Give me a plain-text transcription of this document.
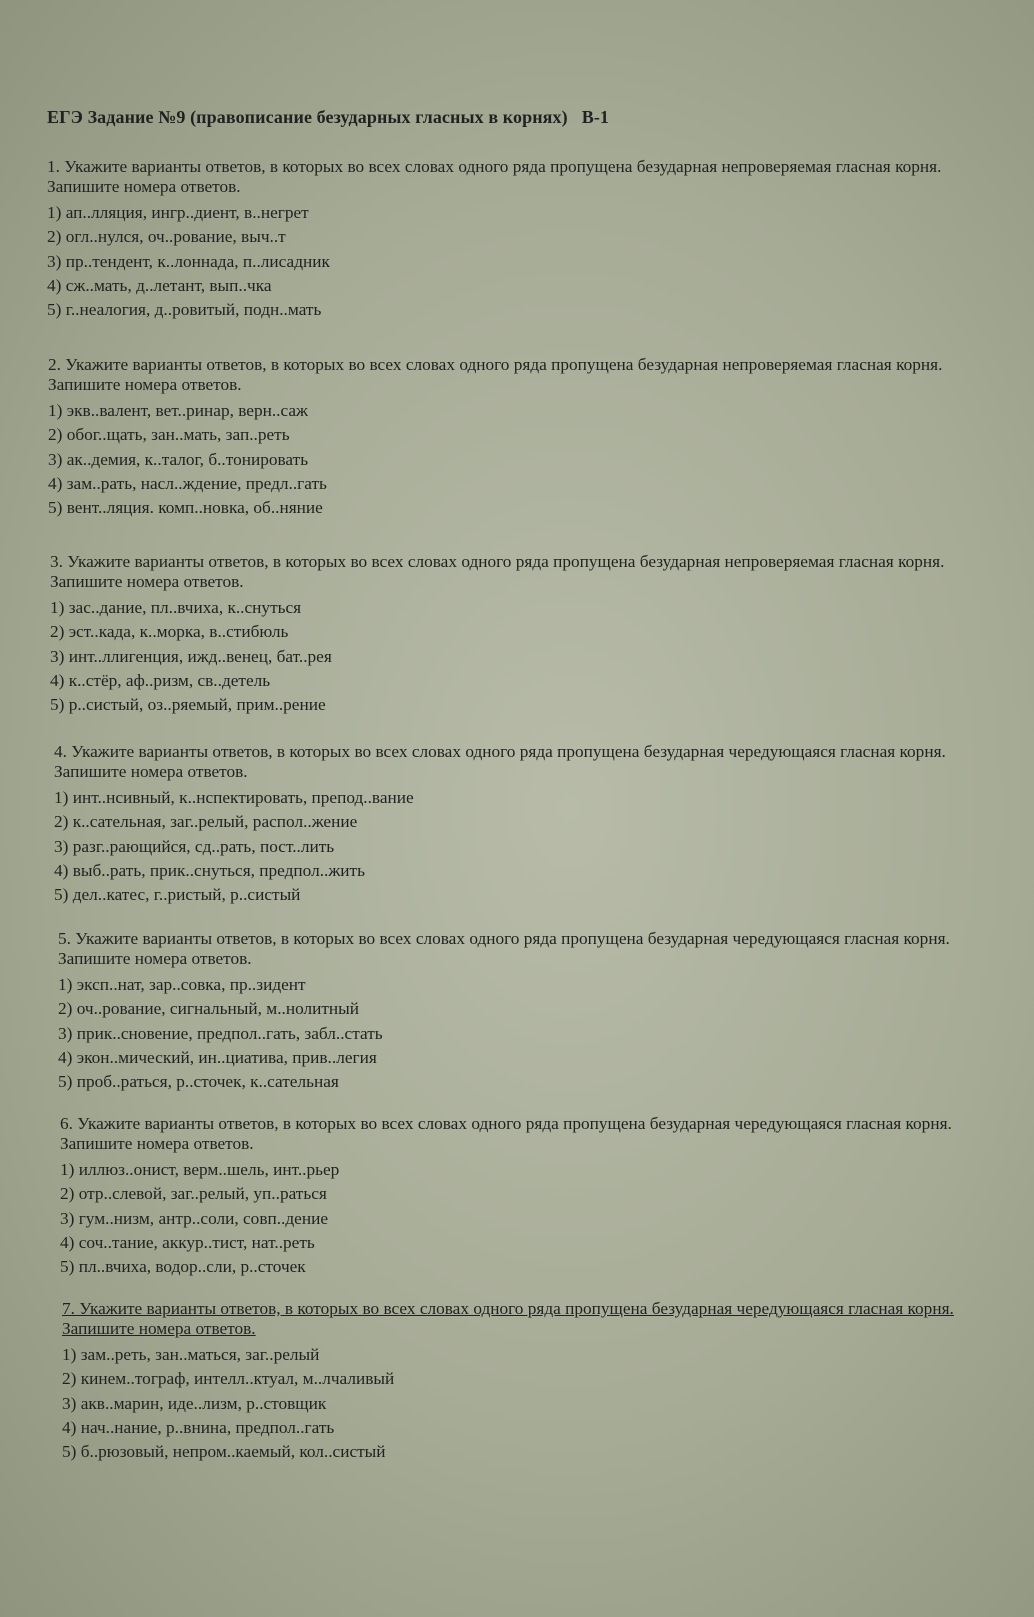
ЕГЭ Задание №9 (правописание безударных гласных в корнях) В-1

1. Укажите варианты ответов, в которых во всех словах одного ряда пропущена безударная непроверяемая гласная корня. Запишите номера ответов.

1) ап..лляция, ингр..диент, в..негрет
2) огл..нулся, оч..рование, выч..т
3) пр..тендент, к..лоннада, п..лисадник
4) сж..мать, д..летант, вып..чка
5) г..неалогия, д..ровитый, подн..мать

2. Укажите варианты ответов, в которых во всех словах одного ряда пропущена безударная непроверяемая гласная корня. Запишите номера ответов.

1) экв..валент, вет..ринар, верн..саж
2) обог..щать, зан..мать, зап..реть
3) ак..демия, к..талог, б..тонировать
4) зам..рать, насл..ждение, предл..гать
5) вент..ляция. комп..новка, об..няние

3. Укажите варианты ответов, в которых во всех словах одного ряда пропущена безударная непроверяемая гласная корня. Запишите номера ответов.

1) зас..дание, пл..вчиха, к..снуться
2) эст..када, к..морка, в..стибюль
3) инт..ллигенция, ижд..венец, бат..рея
4) к..стёр, аф..ризм, св..детель
5) р..систый, оз..ряемый, прим..рение

4. Укажите варианты ответов, в которых во всех словах одного ряда пропущена безударная чередующаяся гласная корня. Запишите номера ответов.

1) инт..нсивный, к..нспектировать, препод..вание
2) к..сательная, заг..релый, распол..жение
3) разг..рающийся, сд..рать, пост..лить
4) выб..рать, прик..снуться, предпол..жить
5) дел..катес, г..ристый, р..систый

5. Укажите варианты ответов, в которых во всех словах одного ряда пропущена безударная чередующаяся гласная корня. Запишите номера ответов.

1) эксп..нат, зар..совка, пр..зидент
2) оч..рование, сигнальный, м..нолитный
3) прик..сновение, предпол..гать, забл..стать
4) экон..мический, ин..циатива, прив..легия
5) проб..раться, р..сточек, к..сательная

6. Укажите варианты ответов, в которых во всех словах одного ряда пропущена безударная чередующаяся гласная корня. Запишите номера ответов.

1) иллюз..онист, верм..шель, инт..рьер
2) отр..слевой, заг..релый, уп..раться
3) гум..низм, антр..соли, совп..дение
4) соч..тание, аккур..тист, нат..реть
5) пл..вчиха, водор..сли, р..сточек

7. Укажите варианты ответов, в которых во всех словах одного ряда пропущена безударная чередующаяся гласная корня. Запишите номера ответов.

1) зам..реть, зан..маться, заг..релый
2) кинем..тограф, интелл..ктуал, м..лчаливый
3) акв..марин, иде..лизм, р..стовщик
4) нач..нание, р..внина, предпол..гать
5) б..рюзовый, непром..каемый, кол..систый
